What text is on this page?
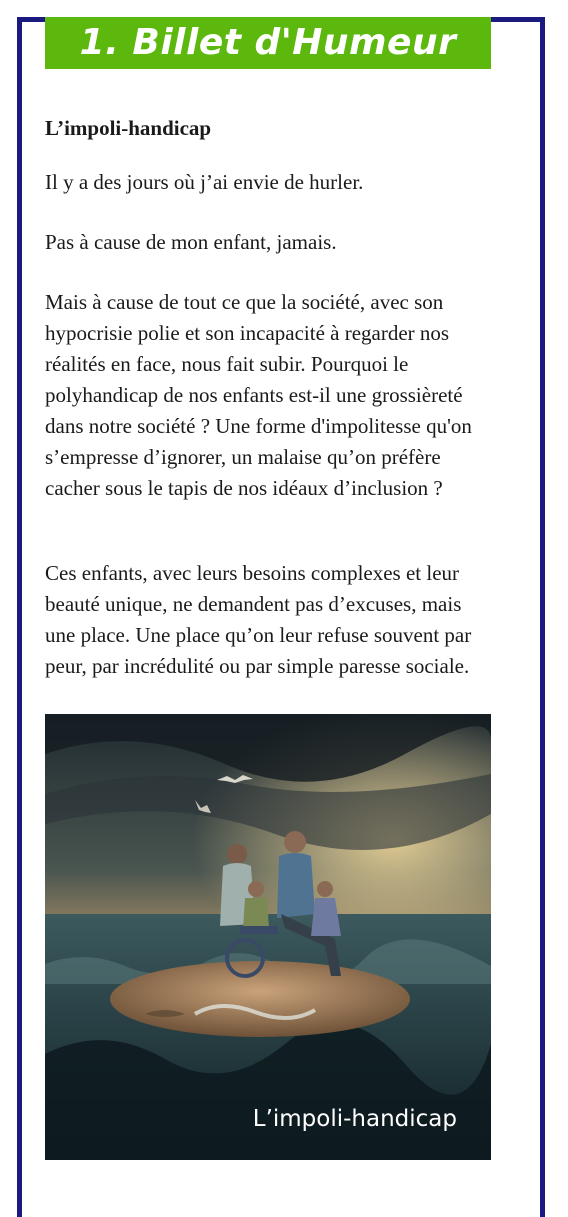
1. Billet d'Humeur
L’impoli-handicap

Il y a des jours où j’ai envie de hurler.

Pas à cause de mon enfant, jamais.

Mais à cause de tout ce que la société, avec son hypocrisie polie et son incapacité à regarder nos réalités en face, nous fait subir. Pourquoi le polyhandicap de nos enfants est-il une grossièreté dans notre société ? Une forme d'impolitesse qu'on s’empresse d’ignorer, un malaise qu’on préfère cacher sous le tapis de nos idéaux d’inclusion ?

Ces enfants, avec leurs besoins complexes et leur beauté unique, ne demandent pas d’excuses, mais une place. Une place qu’on leur refuse souvent par peur, par incrédulité ou par simple paresse sociale.

L’impoli-handicap
